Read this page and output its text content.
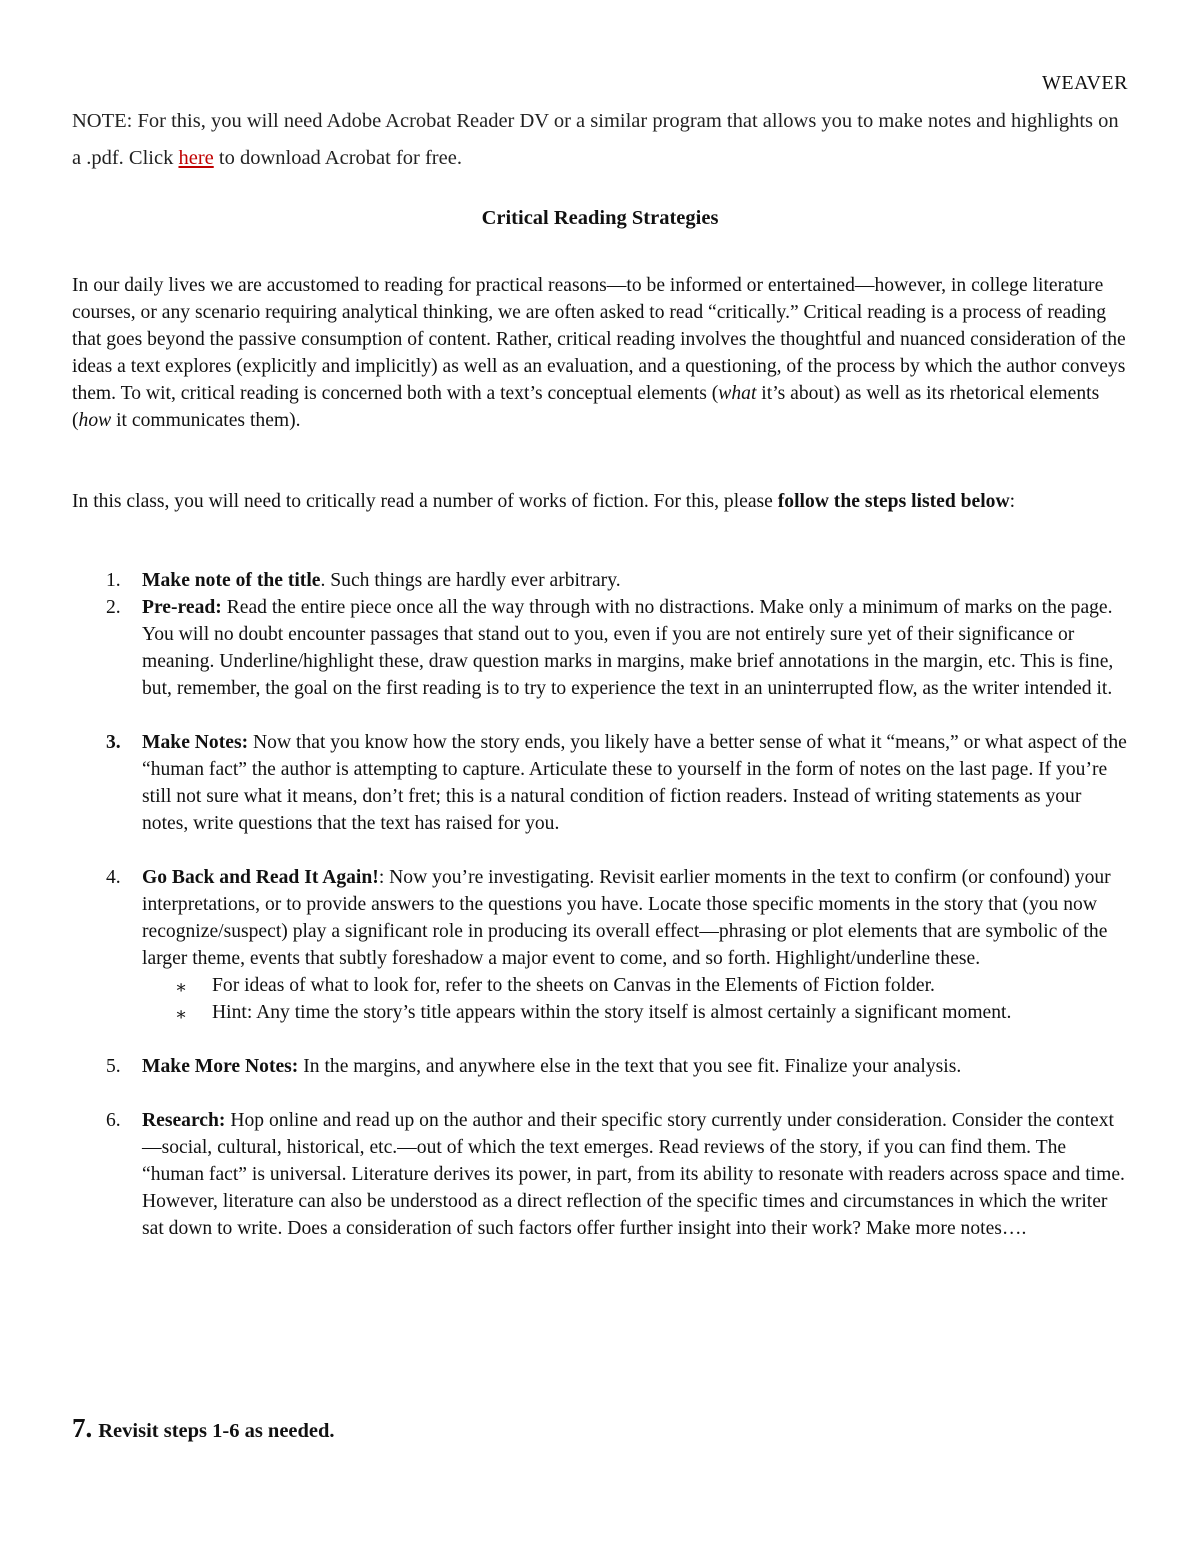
WEAVER
NOTE: For this, you will need Adobe Acrobat Reader DV or a similar program that allows you to make notes and highlights on a .pdf. Click here to download Acrobat for free.
Critical Reading Strategies
In our daily lives we are accustomed to reading for practical reasons—to be informed or entertained—however, in college literature courses, or any scenario requiring analytical thinking, we are often asked to read “critically.” Critical reading is a process of reading that goes beyond the passive consumption of content. Rather, critical reading involves the thoughtful and nuanced consideration of the ideas a text explores (explicitly and implicitly) as well as an evaluation, and a questioning, of the process by which the author conveys them. To wit, critical reading is concerned both with a text’s conceptual elements (what it’s about) as well as its rhetorical elements (how it communicates them).
In this class, you will need to critically read a number of works of fiction. For this, please follow the steps listed below:
1. Make note of the title. Such things are hardly ever arbitrary.
2. Pre-read: Read the entire piece once all the way through with no distractions. Make only a minimum of marks on the page. You will no doubt encounter passages that stand out to you, even if you are not entirely sure yet of their significance or meaning. Underline/highlight these, draw question marks in margins, make brief annotations in the margin, etc. This is fine, but, remember, the goal on the first reading is to try to experience the text in an uninterrupted flow, as the writer intended it.
3. Make Notes: Now that you know how the story ends, you likely have a better sense of what it “means,” or what aspect of the “human fact” the author is attempting to capture. Articulate these to yourself in the form of notes on the last page. If you’re still not sure what it means, don’t fret; this is a natural condition of fiction readers. Instead of writing statements as your notes, write questions that the text has raised for you.
4. Go Back and Read It Again!: Now you’re investigating. Revisit earlier moments in the text to confirm (or confound) your interpretations, or to provide answers to the questions you have. Locate those specific moments in the story that (you now recognize/suspect) play a significant role in producing its overall effect—phrasing or plot elements that are symbolic of the larger theme, events that subtly foreshadow a major event to come, and so forth. Highlight/underline these.
∗ For ideas of what to look for, refer to the sheets on Canvas in the Elements of Fiction folder.
∗ Hint: Any time the story’s title appears within the story itself is almost certainly a significant moment.
5. Make More Notes: In the margins, and anywhere else in the text that you see fit. Finalize your analysis.
6. Research: Hop online and read up on the author and their specific story currently under consideration. Consider the context—social, cultural, historical, etc.—out of which the text emerges. Read reviews of the story, if you can find them. The “human fact” is universal. Literature derives its power, in part, from its ability to resonate with readers across space and time. However, literature can also be understood as a direct reflection of the specific times and circumstances in which the writer sat down to write. Does a consideration of such factors offer further insight into their work? Make more notes….
7. Revisit steps 1-6 as needed.
